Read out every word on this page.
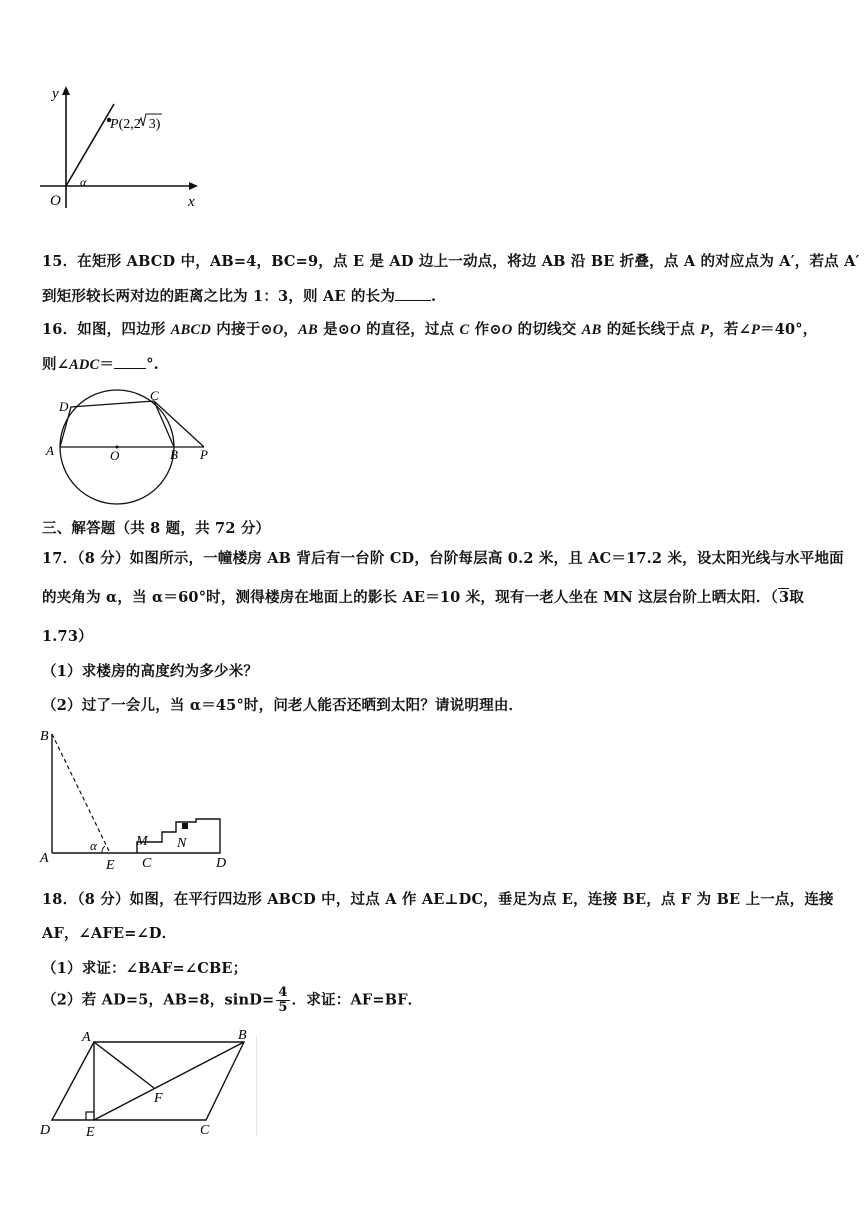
y
x
O
α
P(2,2 3)
15．在矩形 ABCD 中，AB=4，BC=9，点 E 是 AD 边上一动点，将边 AB 沿 BE 折叠，点 A 的对应点为 A′，若点 A′
到矩形较长两对边的距离之比为 1：3，则 AE 的长为 .
16．如图，四边形 ABCD 内接于⊙O，AB 是⊙O 的直径，过点 C 作⊙O 的切线交 AB 的延长线于点 P，若∠P＝40°，
则∠ADC＝ °.
D
C
A	O	B P
三、解答题（共 8 题，共 72 分）
17．（8 分）如图所示，一幢楼房 AB 背后有一台阶 CD，台阶每层高 0.2 米，且 AC＝17.2 米，设太阳光线与水平地面
的夹角为 α，当 α＝60°时，测得楼房在地面上的影长 AE＝10 米，现有一老人坐在 MN 这层台阶上晒太阳．（3取
1.73）
（1）求楼房的高度约为多少米？
（2）过了一会儿，当 α＝45°时，问老人能否还晒到太阳？请说明理由．
B
A
α
E
M N
C	D
18．（8 分）如图，在平行四边形 ABCD 中，过点 A 作 AE⊥DC，垂足为点 E，连接 BE，点 F 为 BE 上一点，连接
AF，∠AFE=∠D．
（1）求证：∠BAF=∠CBE；
（2）若 AD=5，AB=8，$\sin D= \frac{4}{5}$ ．求证：AF=BF．
A	B
F
D	E	C
